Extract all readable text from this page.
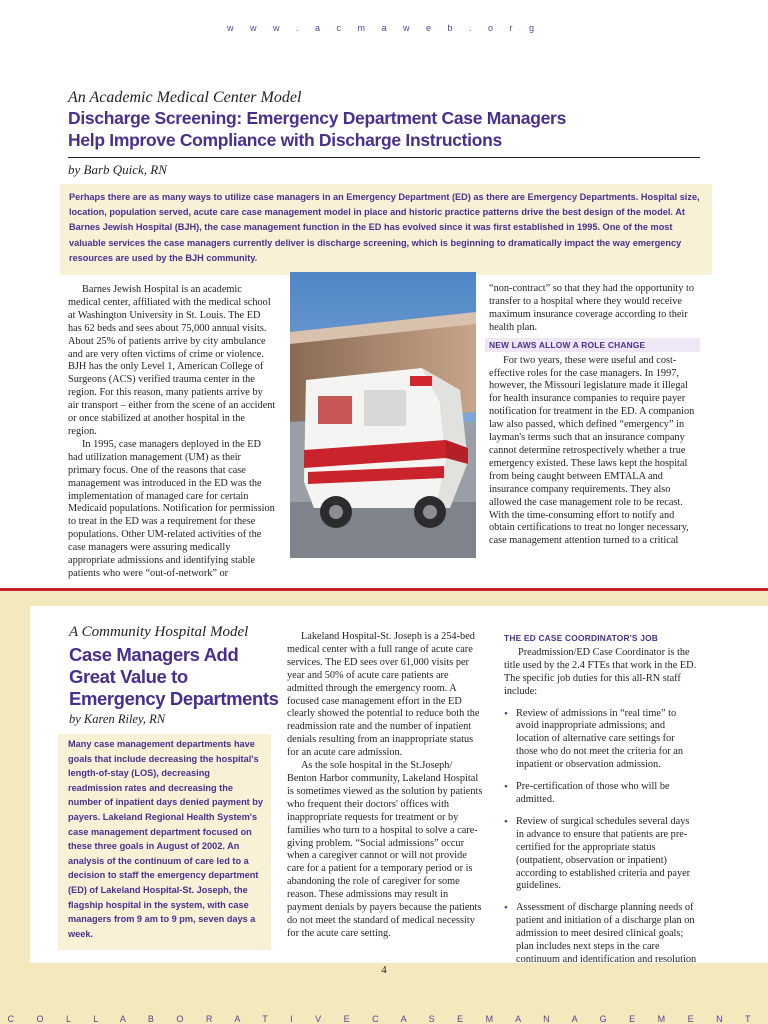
w w w . a c m a w e b . o r g
An Academic Medical Center Model
Discharge Screening: Emergency Department Case Managers
Help Improve Compliance with Discharge Instructions
by Barb Quick, RN
Perhaps there are as many ways to utilize case managers in an Emergency Department (ED) as there are Emergency Departments. Hospital size, location, population served, acute care case management model in place and historic practice patterns drive the best design of the model. At Barnes Jewish Hospital (BJH), the case management function in the ED has evolved since it was first established in 1995. One of the most valuable services the case managers currently deliver is discharge screening, which is beginning to dramatically impact the way emergency resources are used by the BJH community.

Barnes Jewish Hospital is an academic medical center, affiliated with the medical school at Washington University in St. Louis. The ED has 62 beds and sees about 75,000 annual visits. About 25% of patients arrive by city ambulance and are very often victims of crime or violence. BJH has the only Level 1, American College of Surgeons (ACS) verified trauma center in the region. For this reason, many patients arrive by air transport – either from the scene of an accident or once stabilized at another hospital in the region.

In 1995, case managers deployed in the ED had utilization management (UM) as their primary focus. One of the reasons that case management was introduced in the ED was the implementation of managed care for certain Medicaid populations. Notification for permission to treat in the ED was a requirement for these populations. Other UM-related activities of the case managers were assuring medically appropriate admissions and identifying stable patients who were “out-of-network” or

“non-contract” so that they had the opportunity to transfer to a hospital where they would receive maximum insurance coverage according to their health plan.

NEW LAWS ALLOW A ROLE CHANGE

For two years, these were useful and cost-effective roles for the case managers. In 1997, however, the Missouri legislature made it illegal for health insurance companies to require payer notification for treatment in the ED. A companion law also passed, which defined “emergency” in layman's terms such that an insurance company cannot determine retrospectively whether a true emergency existed. These laws kept the hospital from being caught between EMTALA and insurance company requirements. They also allowed the case management role to be recast. With the time-consuming effort to notify and obtain certifications to treat no longer necessary, case management attention turned to a critical

A Community Hospital Model
Case Managers Add
Great Value to
Emergency Departments
by Karen Riley, RN
Many case management departments have goals that include decreasing the hospital's length-of-stay (LOS), decreasing readmission rates and decreasing the number of inpatient days denied payment by payers. Lakeland Regional Health System's case management department focused on these three goals in August of 2002. An analysis of the continuum of care led to a decision to staff the emergency department (ED) of Lakeland Hospital-St. Joseph, the flagship hospital in the system, with case managers from 9 am to 9 pm, seven days a week.

Lakeland Hospital-St. Joseph is a 254-bed medical center with a full range of acute care services. The ED sees over 61,000 visits per year and 50% of acute care patients are admitted through the emergency room. A focused case management effort in the ED clearly showed the potential to reduce both the readmission rate and the number of inpatient denials resulting from an inappropriate status for an acute care admission.

As the sole hospital in the St.Joseph/ Benton Harbor community, Lakeland Hospital is sometimes viewed as the solution by patients who frequent their doctors' offices with inappropriate requests for treatment or by families who turn to a hospital to solve a care-giving problem. “Social admissions” occur when a caregiver cannot or will not provide care for a patient for a temporary period or is abandoning the role of caregiver for some reason. These admissions may result in payment denials by payers because the patients do not meet the standard of medical necessity for the acute care setting.

THE ED CASE COORDINATOR'S JOB

Preadmission/ED Case Coordinator is the title used by the 2.4 FTEs that work in the ED. The specific job duties for this all-RN staff include:

• Review of admissions in “real time” to avoid inappropriate admissions; and location of alternative care settings for those who do not meet the criteria for an inpatient or observation admission.
• Pre-certification of those who will be admitted.
• Review of surgical schedules several days in advance to ensure that patients are pre-certified for the appropriate status (outpatient, observation or inpatient) according to established criteria and payer guidelines.
• Assessment of discharge planning needs of patient and initiation of a discharge plan on admission to meet desired clinical goals; plan includes next steps in the care continuum and identification and resolution
4
C O L L A B O R A T I V E C A S E M A N A G E M E N T
